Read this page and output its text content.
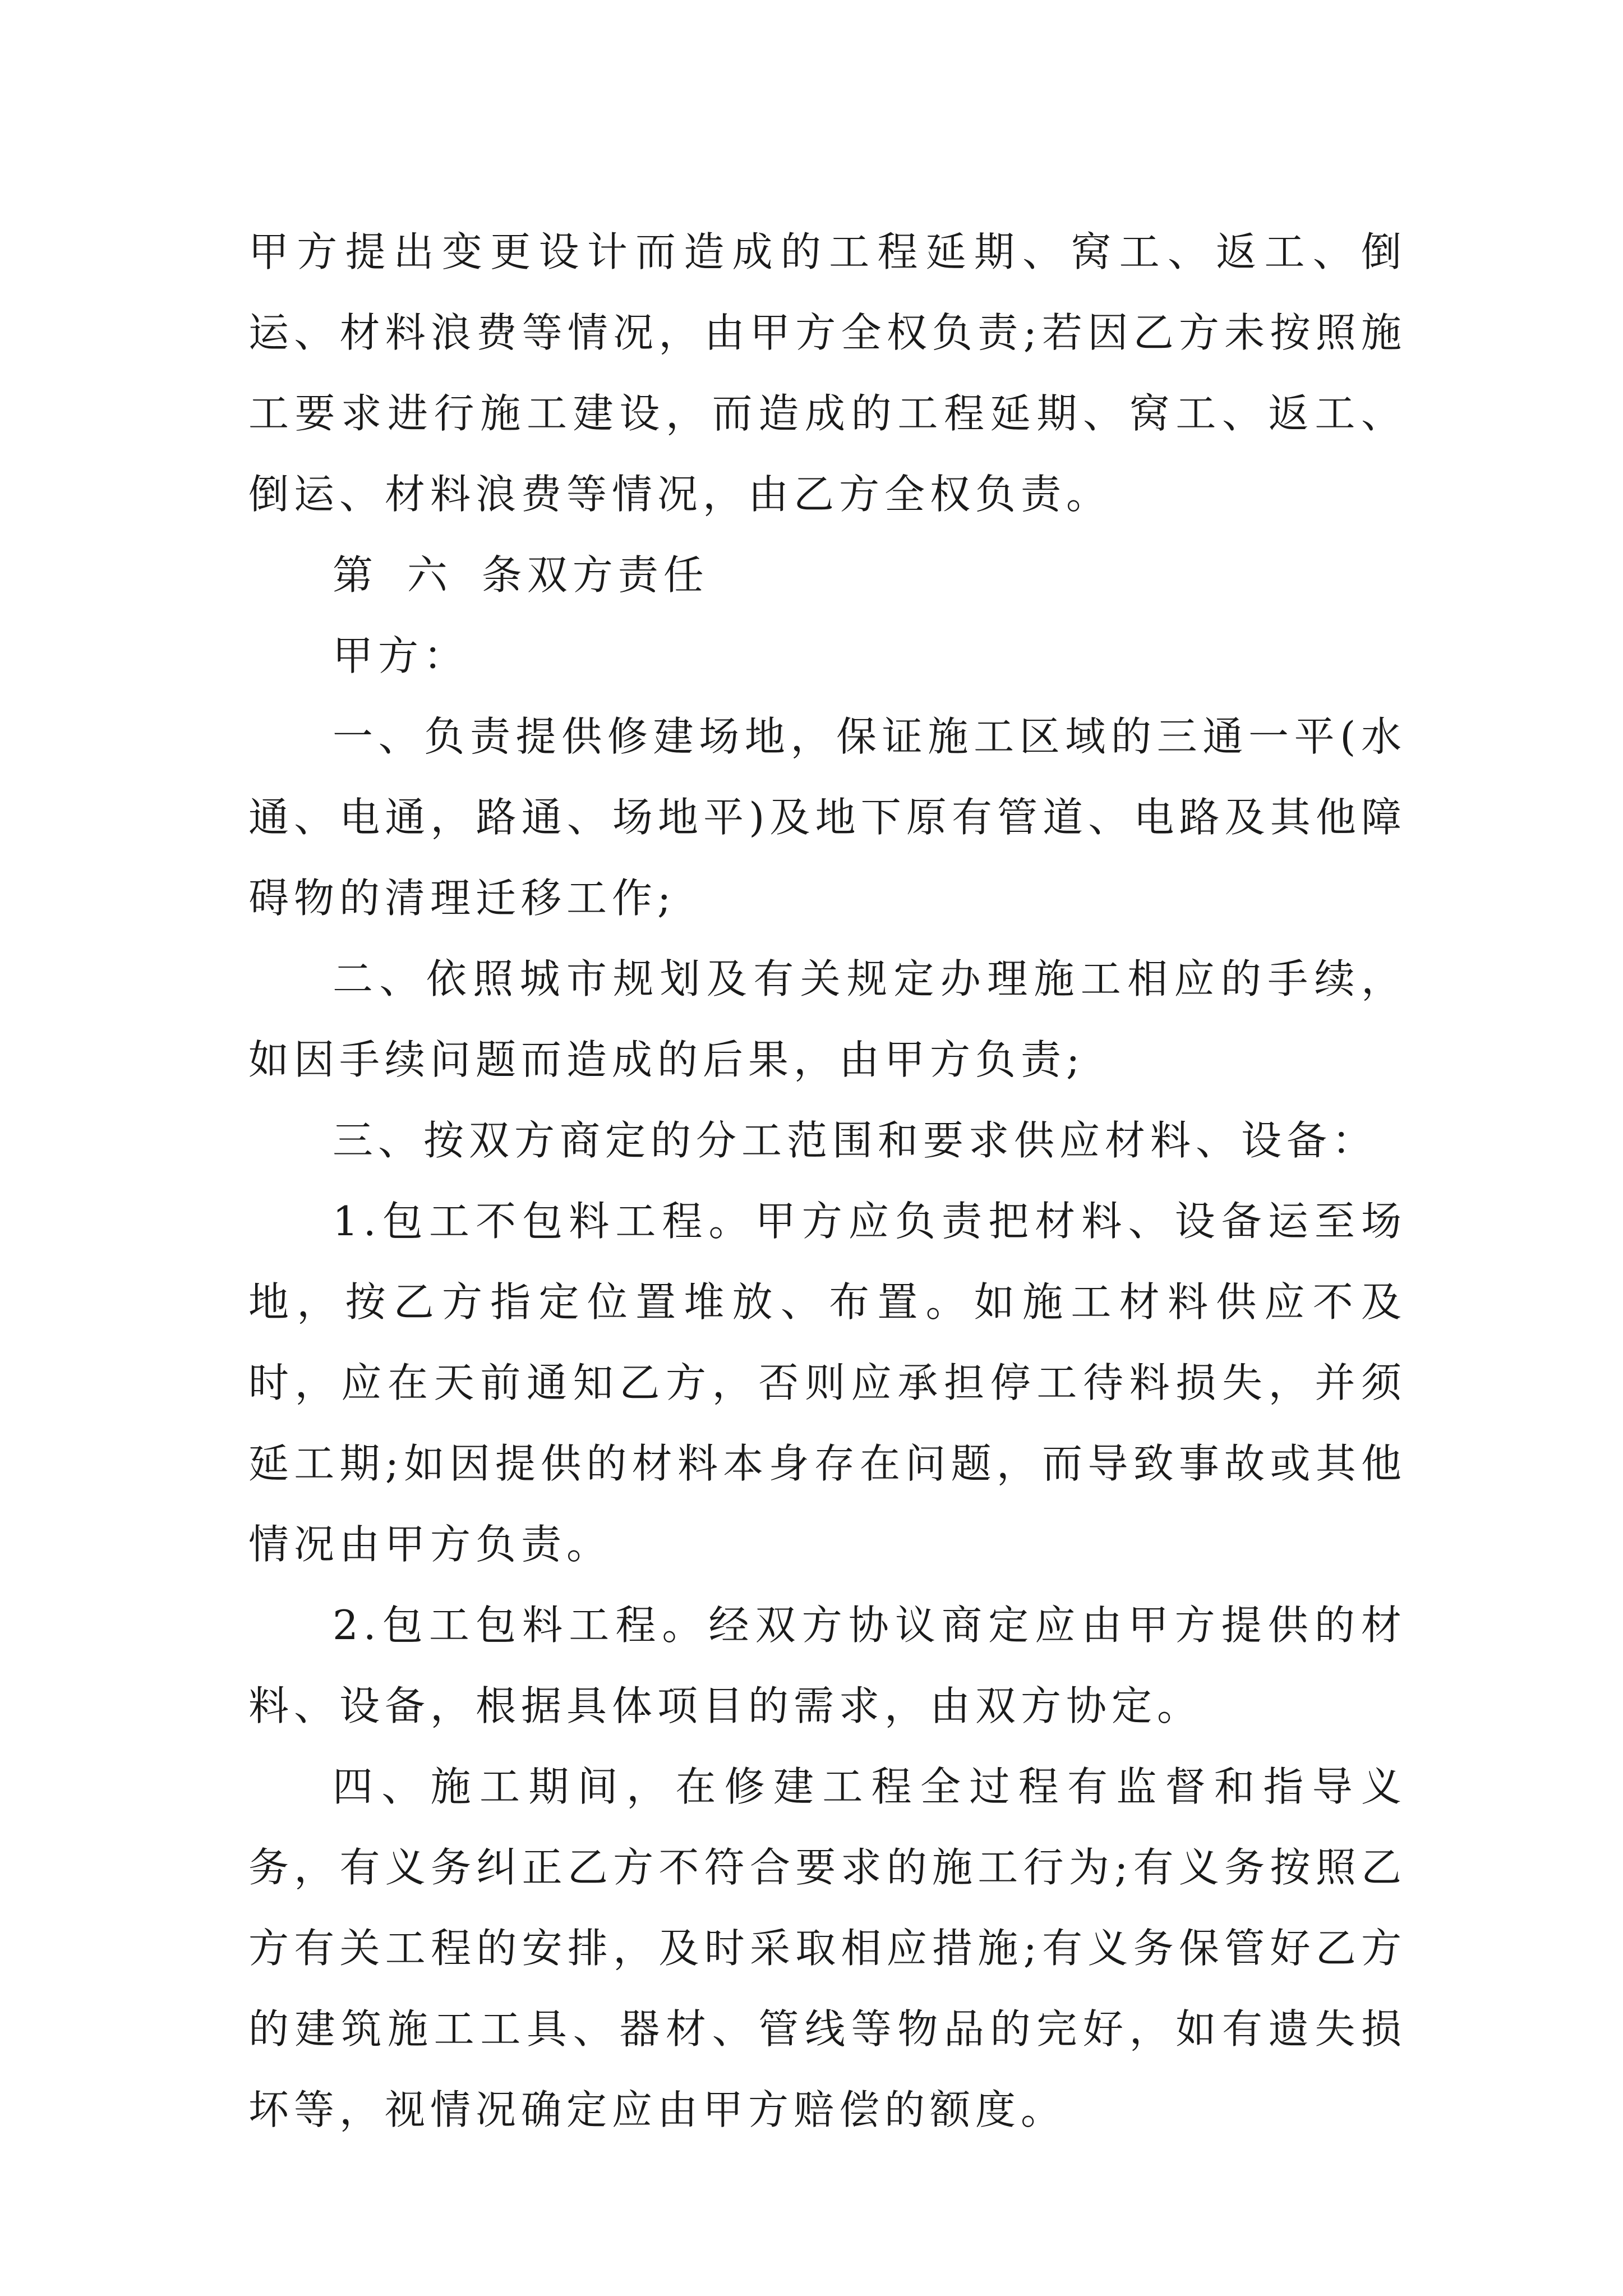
甲方提出变更设计而造成的工程延期、窝工、返工、倒运、材料浪费等情况，由甲方全权负责;若因乙方未按照施工要求进行施工建设，而造成的工程延期、窝工、返工、倒运、材料浪费等情况，由乙方全权负责。

第 六 条双方责任

甲方：

一、负责提供修建场地，保证施工区域的三通一平(水通、电通，路通、场地平)及地下原有管道、电路及其他障碍物的清理迁移工作;

二、依照城市规划及有关规定办理施工相应的手续，如因手续问题而造成的后果，由甲方负责;

三、按双方商定的分工范围和要求供应材料、设备：

1.包工不包料工程。甲方应负责把材料、设备运至场地，按乙方指定位置堆放、布置。如施工材料供应不及时，应在天前通知乙方，否则应承担停工待料损失，并须延工期;如因提供的材料本身存在问题，而导致事故或其他情况由甲方负责。

2.包工包料工程。经双方协议商定应由甲方提供的材料、设备，根据具体项目的需求，由双方协定。

四、施工期间，在修建工程全过程有监督和指导义务，有义务纠正乙方不符合要求的施工行为;有义务按照乙方有关工程的安排，及时采取相应措施;有义务保管好乙方的建筑施工工具、器材、管线等物品的完好，如有遗失损坏等，视情况确定应由甲方赔偿的额度。
